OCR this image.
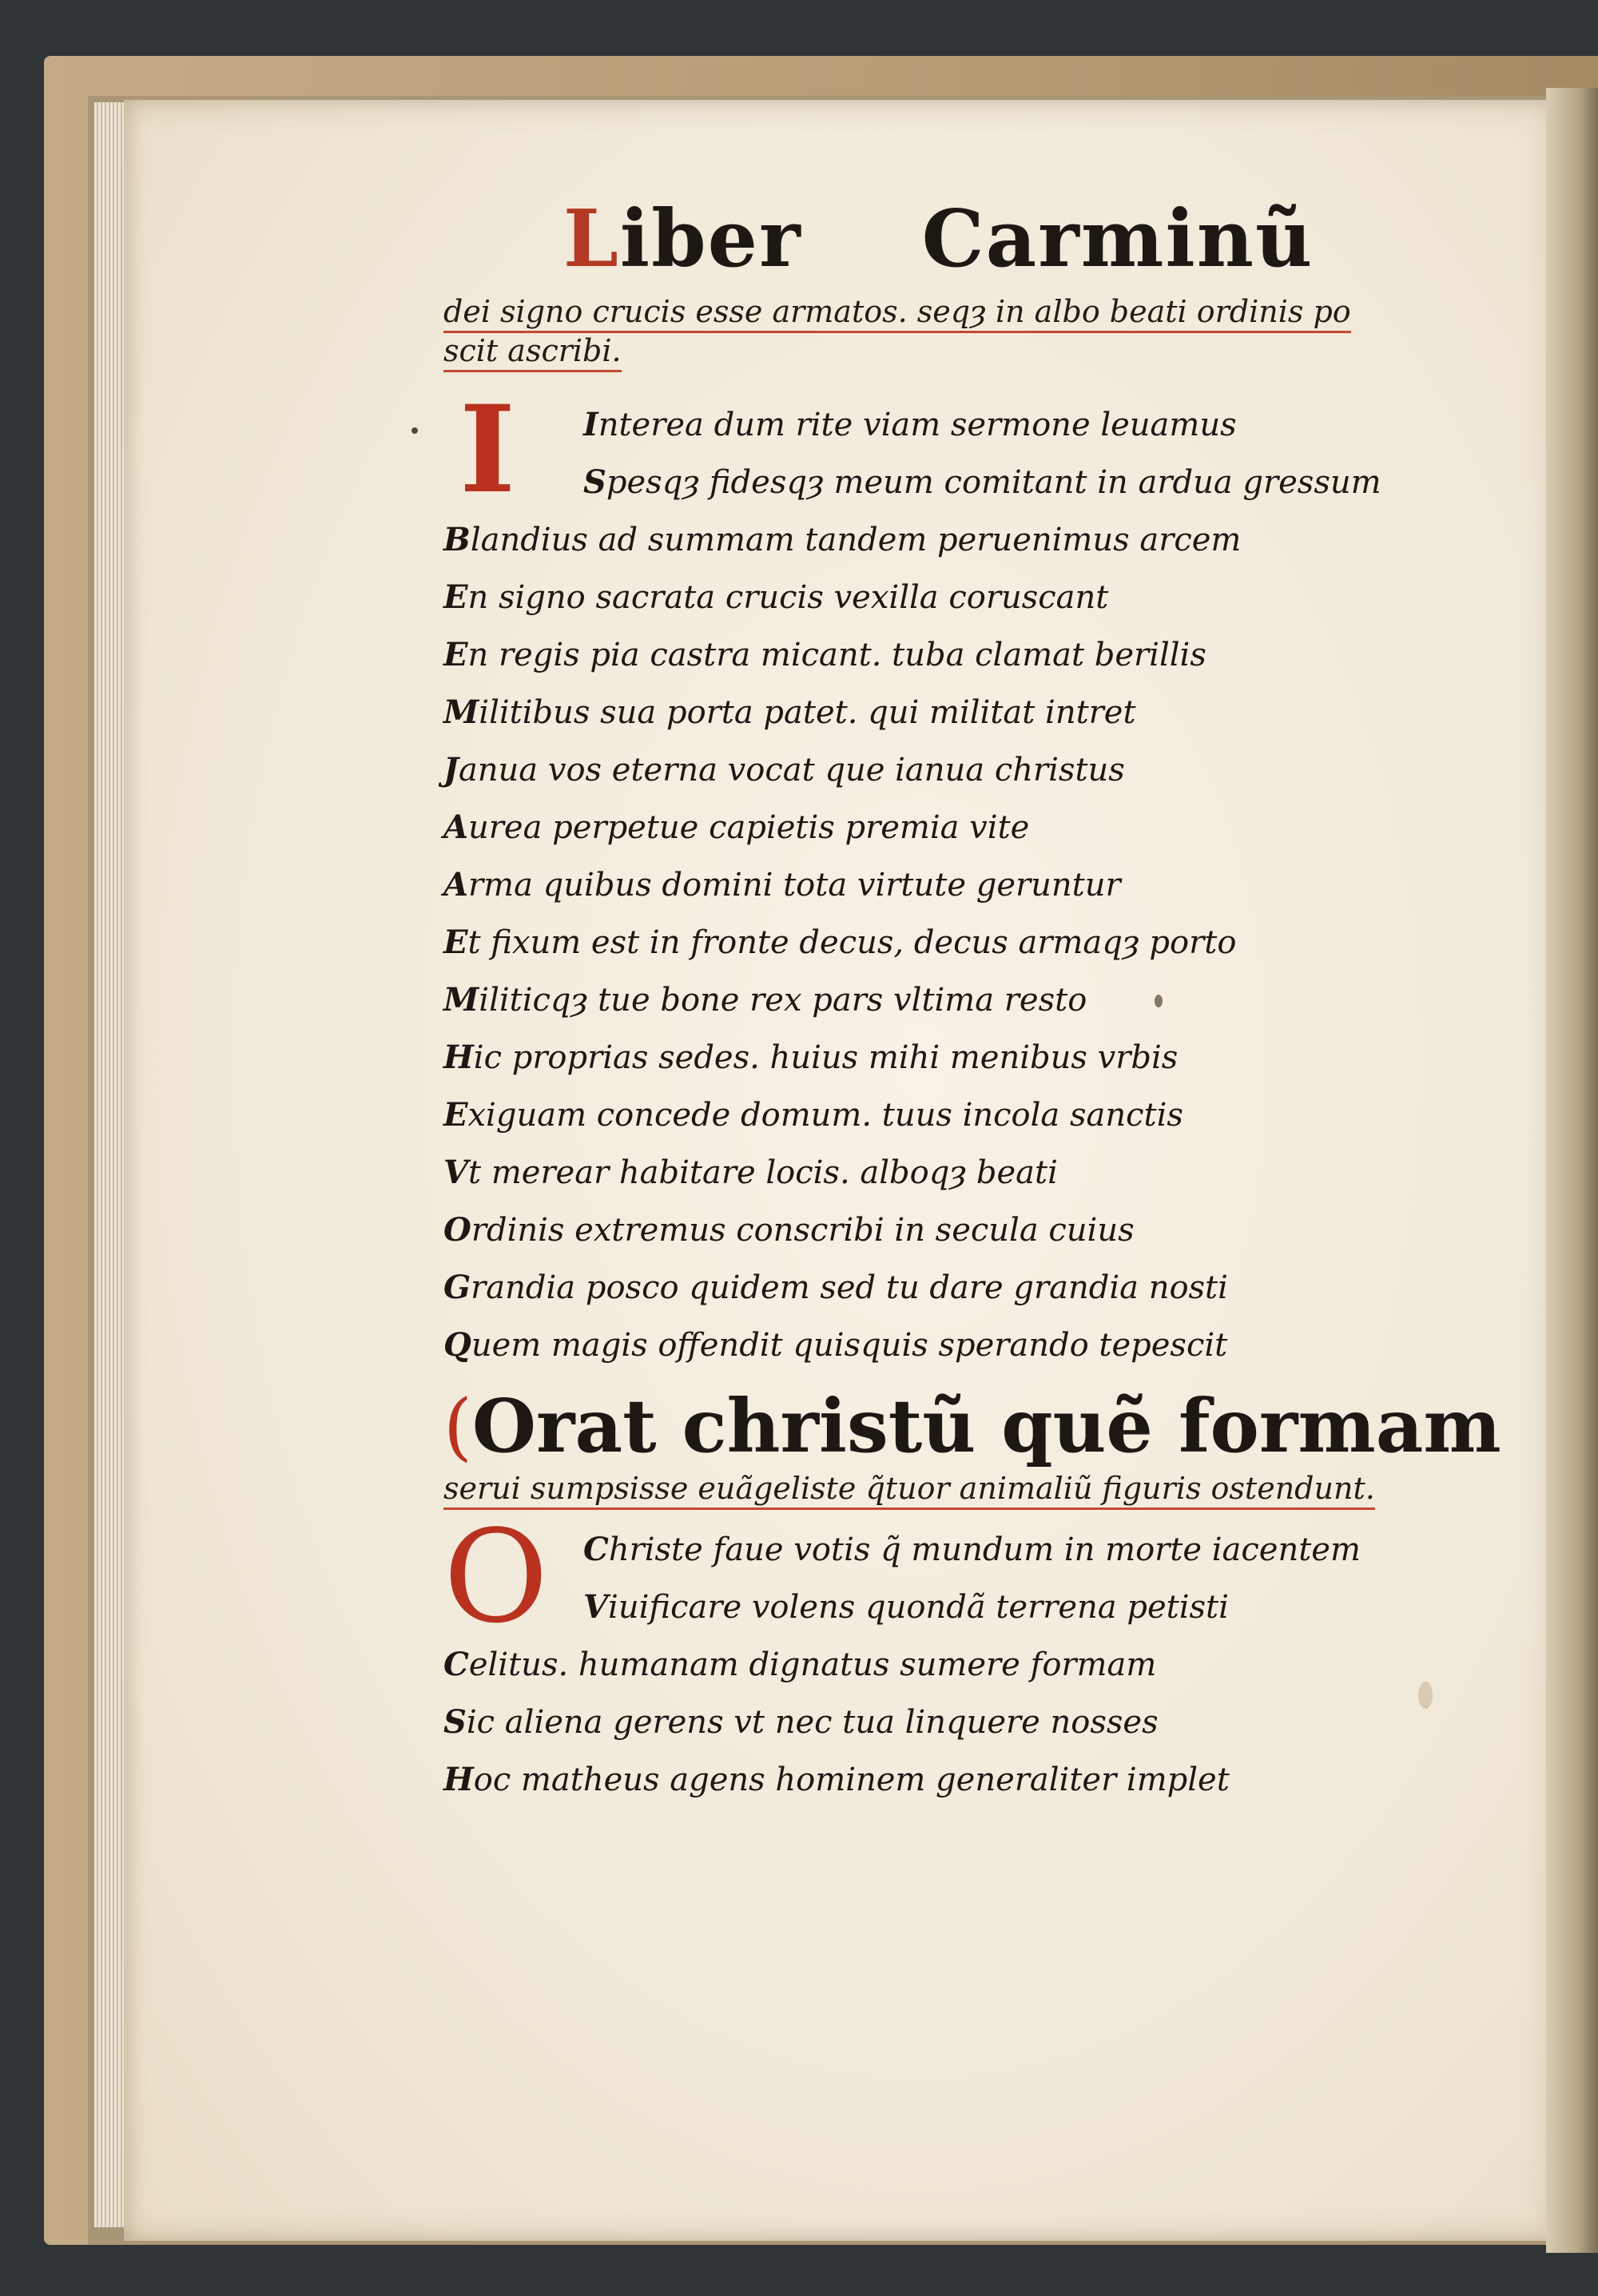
Liber Carminũ
dei signo crucis esse armatos. seqȝ in albo beati ordinis po
scit ascribi.
I	Interea dum rite viam sermone leuamus
Spesqȝ fidesqȝ meum comitant in ardua gressum
Blandius ad summam tandem peruenimus arcem
En signo sacrata crucis vexilla coruscant
En regis pia castra micant. tuba clamat berillis
Militibus sua porta patet. qui militat intret
Janua vos eterna vocat que ianua christus
Aurea perpetue capietis premia vite
Arma quibus domini tota virtute geruntur
Et fixum est in fronte decus, decus armaqȝ porto
Militicqȝ tue bone rex pars vltima resto
Hic proprias sedes. huius mihi menibus vrbis
Exiguam concede domum. tuus incola sanctis
Vt merear habitare locis. alboqȝ beati
Ordinis extremus conscribi in secula cuius
Grandia posco quidem sed tu dare grandia nosti
Quem magis offendit quisquis sperando tepescit
(Orat christũ quẽ formam
serui sumpsisse euãgeliste q̃tuor animaliũ figuris ostendunt.
O	Christe faue votis q̃ mundum in morte iacentem
Viuificare volens quondã terrena petisti
Celitus. humanam dignatus sumere formam
Sic aliena gerens vt nec tua linquere nosses
Hoc matheus agens hominem generaliter implet
